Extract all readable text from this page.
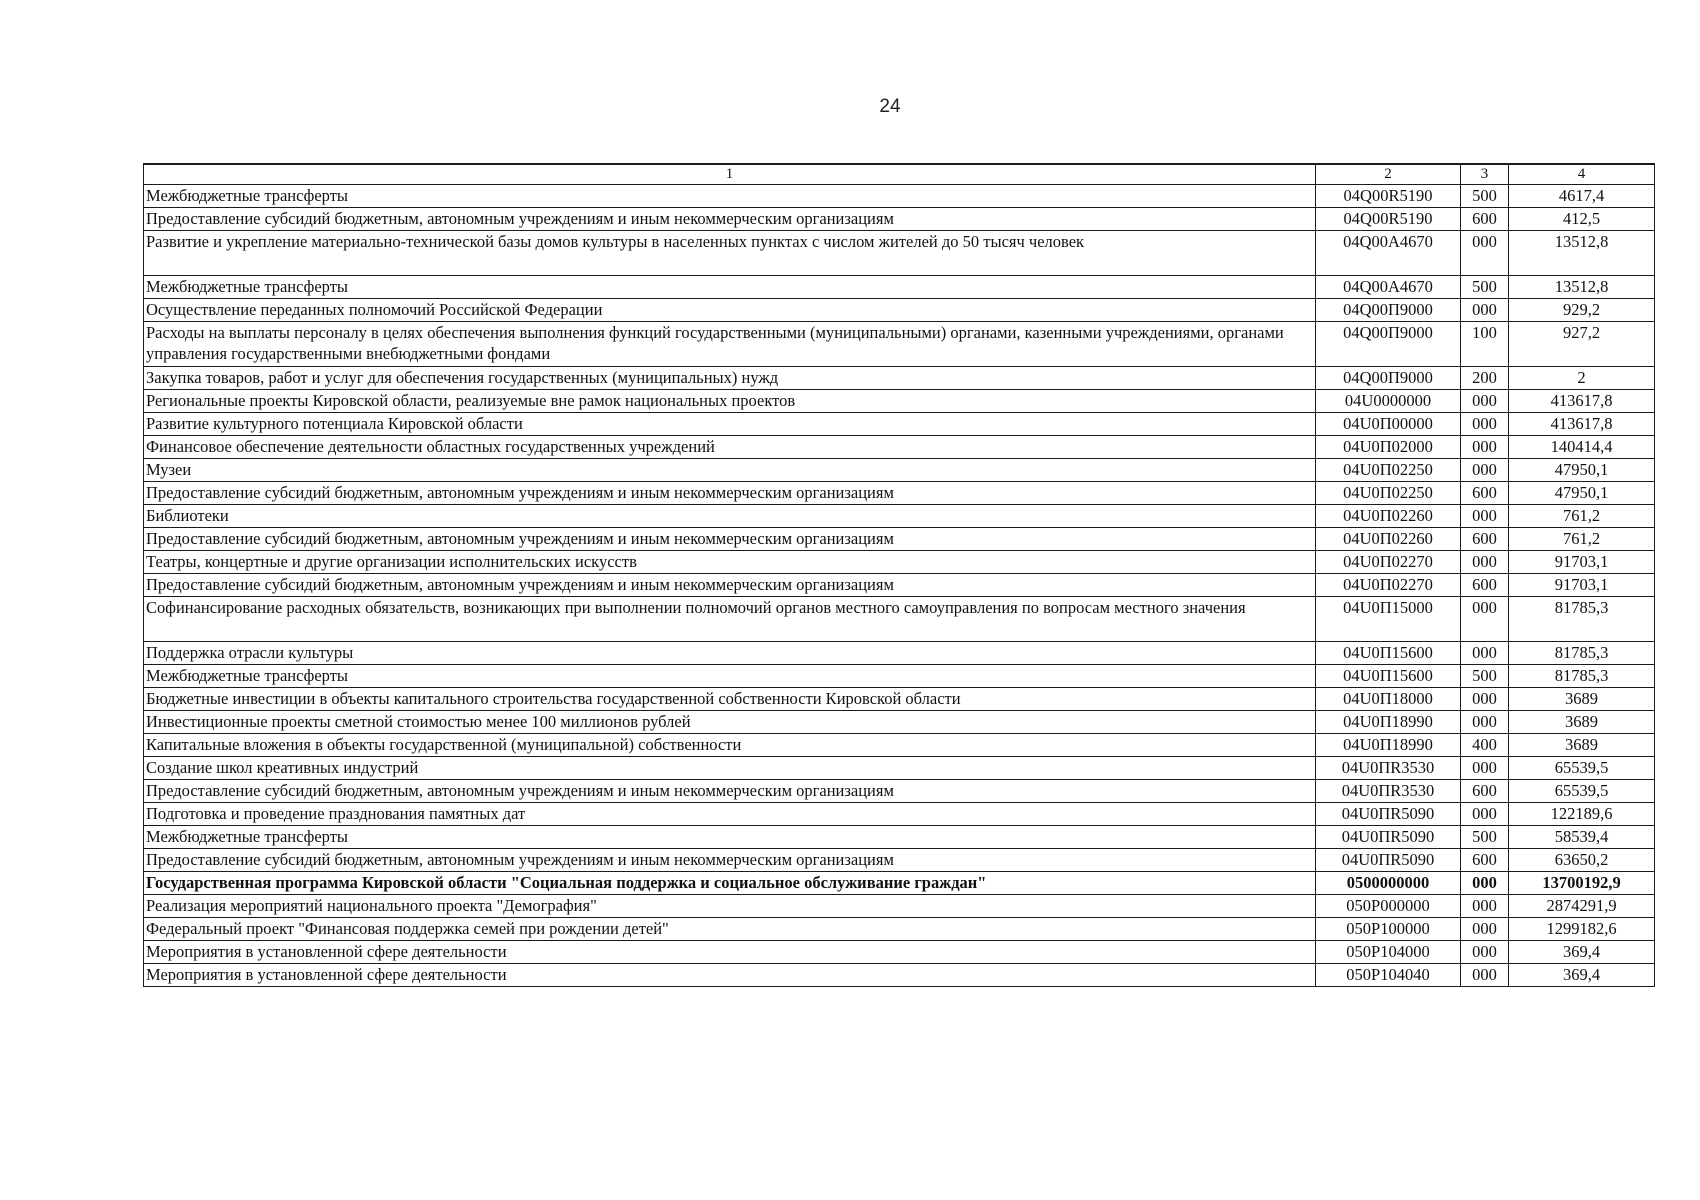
24
1	2	3	4
Межбюджетные трансферты	04Q00R5190	500	4617,4
Предоставление субсидий бюджетным, автономным учреждениям и иным некоммерческим организациям	04Q00R5190	600	412,5
Развитие и укрепление материально-технической базы домов культуры в населенных пунктах с числом жителей до 50 тысяч человек	04Q00A4670	000	13512,8
Межбюджетные трансферты	04Q00A4670	500	13512,8
Осуществление переданных полномочий Российской Федерации	04Q00П9000	000	929,2
Расходы на выплаты персоналу в целях обеспечения выполнения функций государственными (муниципальными) органами, казенными учреждениями, органами управления государственными внебюджетными фондами	04Q00П9000	100	927,2
Закупка товаров, работ и услуг для обеспечения государственных (муниципальных) нужд	04Q00П9000	200	2
Региональные проекты Кировской области, реализуемые вне рамок национальных проектов	04U0000000	000	413617,8
Развитие культурного потенциала Кировской области	04U0П00000	000	413617,8
Финансовое обеспечение деятельности областных государственных учреждений	04U0П02000	000	140414,4
Музеи	04U0П02250	000	47950,1
Предоставление субсидий бюджетным, автономным учреждениям и иным некоммерческим организациям	04U0П02250	600	47950,1
Библиотеки	04U0П02260	000	761,2
Предоставление субсидий бюджетным, автономным учреждениям и иным некоммерческим организациям	04U0П02260	600	761,2
Театры, концертные и другие организации исполнительских искусств	04U0П02270	000	91703,1
Предоставление субсидий бюджетным, автономным учреждениям и иным некоммерческим организациям	04U0П02270	600	91703,1
Софинансирование расходных обязательств, возникающих при выполнении полномочий органов местного самоуправления по вопросам местного значения	04U0П15000	000	81785,3
Поддержка отрасли культуры	04U0П15600	000	81785,3
Межбюджетные трансферты	04U0П15600	500	81785,3
Бюджетные инвестиции в объекты капитального строительства государственной собственности Кировской области	04U0П18000	000	3689
Инвестиционные проекты сметной стоимостью менее 100 миллионов рублей	04U0П18990	000	3689
Капитальные вложения в объекты государственной (муниципальной) собственности	04U0П18990	400	3689
Создание школ креативных индустрий	04U0ПR3530	000	65539,5
Предоставление субсидий бюджетным, автономным учреждениям и иным некоммерческим организациям	04U0ПR3530	600	65539,5
Подготовка и проведение празднования памятных дат	04U0ПR5090	000	122189,6
Межбюджетные трансферты	04U0ПR5090	500	58539,4
Предоставление субсидий бюджетным, автономным учреждениям и иным некоммерческим организациям	04U0ПR5090	600	63650,2
Государственная программа Кировской области "Социальная поддержка и социальное обслуживание граждан"	0500000000	000	13700192,9
Реализация мероприятий национального проекта "Демография"	050P000000	000	2874291,9
Федеральный проект "Финансовая поддержка семей при рождении детей"	050P100000	000	1299182,6
Мероприятия в установленной сфере деятельности	050P104000	000	369,4
Мероприятия в установленной сфере деятельности	050P104040	000	369,4
